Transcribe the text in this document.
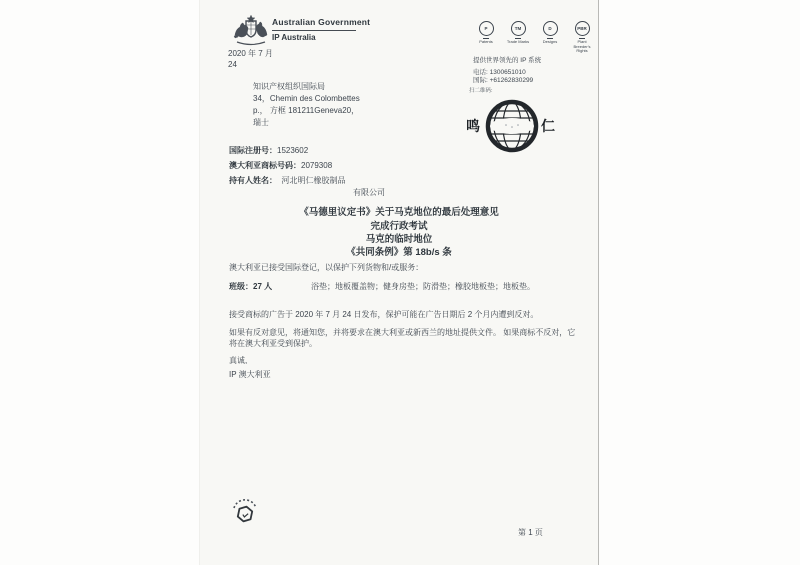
Australian Government
IP Australia
2020 年 7 月
24
P
Patents
TM
Trade Marks
D
Designs
PBR
Plant Breeder's Rights
提供世界领先的 IP 系统
电话: 1300651010
国际: +61262830299
扫二维码:
鸣	仁
知识产权组织国际局
34，Chemin des Colombettes
p.， 方框 181211Geneva20，
瑞士
国际注册号：1523602
澳大利亚商标号码：2079308
持有人姓名： 河北明仁橡胶制品
有限公司
《马德里议定书》关于马克地位的最后处理意见
完成行政考试
马克的临时地位
《共同条例》第 18b/s 条
澳大利亚已接受国际登记，以保护下列货物和/或服务：
班级：27 人	浴垫；地板覆盖物；健身房垫；防滑垫；橡胶地板垫；地板垫。
接受商标的广告于 2020 年 7 月 24 日发布，保护可能在广告日期后 2 个月内遭到反对。
如果有反对意见，将通知您，并将要求在澳大利亚或新西兰的地址提供文件。 如果商标不反对，它将在澳大利亚受到保护。
真诚,
IP 澳大利亚
第 1 页
